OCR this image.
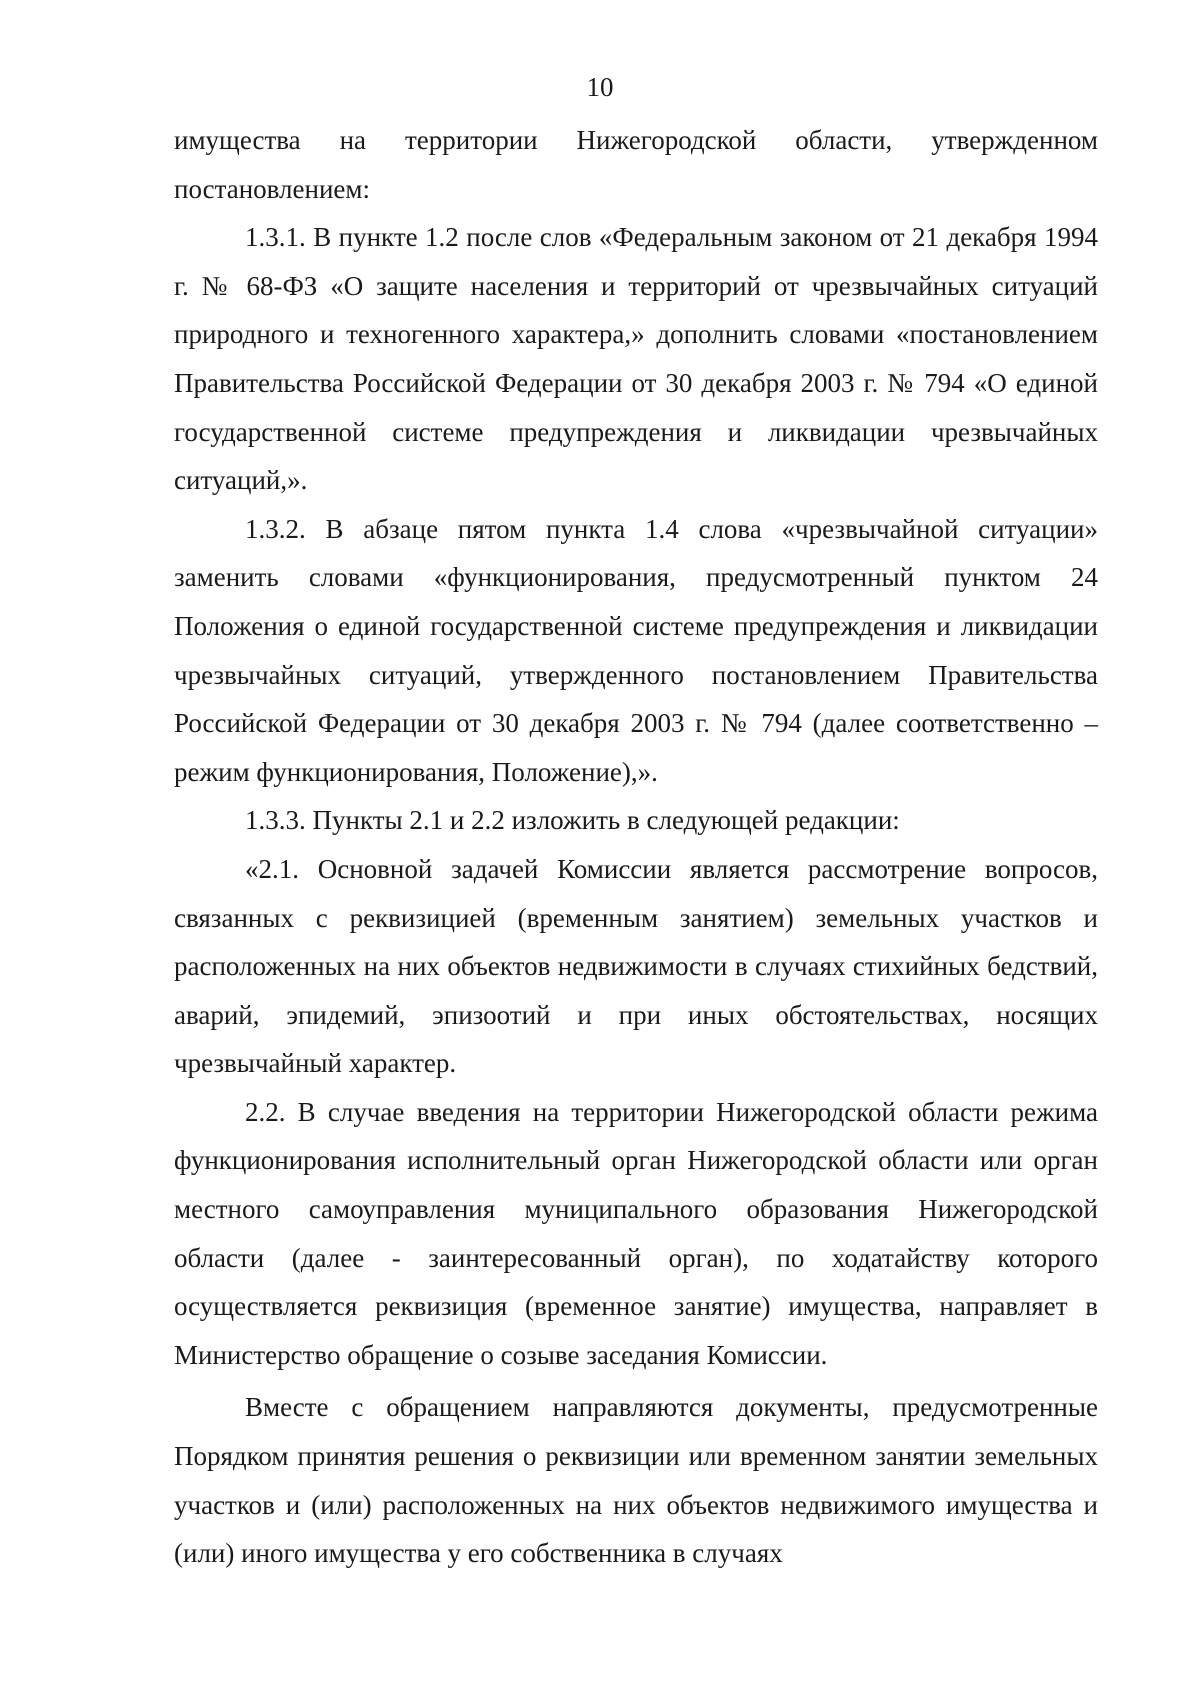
10

имущества на территории Нижегородской области, утвержденном постановлением:

1.3.1. В пункте 1.2 после слов «Федеральным законом от 21 декабря 1994 г. № 68-ФЗ «О защите населения и территорий от чрезвычайных ситуаций природного и техногенного характера,» дополнить словами «постановлением Правительства Российской Федерации от 30 декабря 2003 г. № 794 «О единой государственной системе предупреждения и ликвидации чрезвычайных ситуаций,».

1.3.2. В абзаце пятом пункта 1.4 слова «чрезвычайной ситуации» заменить словами «функционирования, предусмотренный пунктом 24 Положения о единой государственной системе предупреждения и ликвидации чрезвычайных ситуаций, утвержденного постановлением Правительства Российской Федерации от 30 декабря 2003 г. № 794 (далее соответственно – режим функционирования, Положение),».

1.3.3. Пункты 2.1 и 2.2 изложить в следующей редакции:

«2.1. Основной задачей Комиссии является рассмотрение вопросов, связанных с реквизицией (временным занятием) земельных участков и расположенных на них объектов недвижимости в случаях стихийных бедствий, аварий, эпидемий, эпизоотий и при иных обстоятельствах, носящих чрезвычайный характер.

2.2. В случае введения на территории Нижегородской области режима функционирования исполнительный орган Нижегородской области или орган местного самоуправления муниципального образования Нижегородской области (далее - заинтересованный орган), по ходатайству которого осуществляется реквизиция (временное занятие) имущества, направляет в Министерство обращение о созыве заседания Комиссии.

Вместе с обращением направляются документы, предусмотренные Порядком принятия решения о реквизиции или временном занятии земельных участков и (или) расположенных на них объектов недвижимого имущества и (или) иного имущества у его собственника в случаях
